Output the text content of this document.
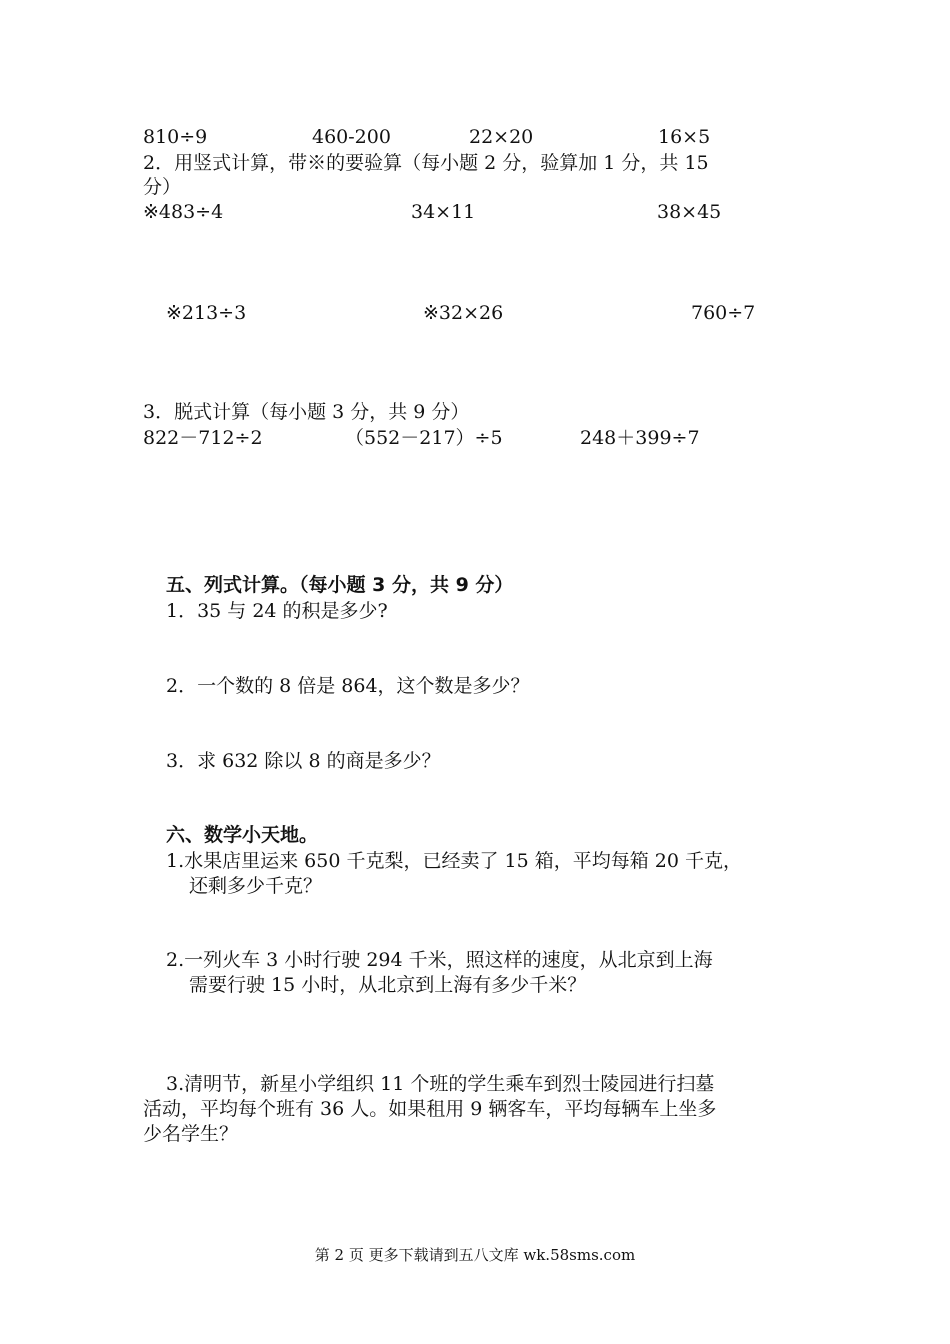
810÷9	460-200	22×20	16×5
2．用竖式计算，带※的要验算（每小题 2 分，验算加 1 分，共 15
分）
※483÷4	34×11	38×45
※213÷3	※32×26	760÷7
3．脱式计算（每小题 3 分，共 9 分）
822－712÷2	（552－217）÷5	248＋399÷7
五、列式计算。（每小题 3 分，共 9 分）
1．35 与 24 的积是多少?
2．一个数的 8 倍是 864，这个数是多少？
3．求 632 除以 8 的商是多少？
六、数学小天地。
1.水果店里运来 650 千克梨，已经卖了 15 箱，平均每箱 20 千克，
还剩多少千克？
2.一列火车 3 小时行驶 294 千米，照这样的速度，从北京到上海
需要行驶 15 小时，从北京到上海有多少千米？
3.清明节，新星小学组织 11 个班的学生乘车到烈士陵园进行扫墓
活动，平均每个班有 36 人。如果租用 9 辆客车，平均每辆车上坐多
少名学生？
第 2 页 更多下载请到五八文库 wk.58sms.com
